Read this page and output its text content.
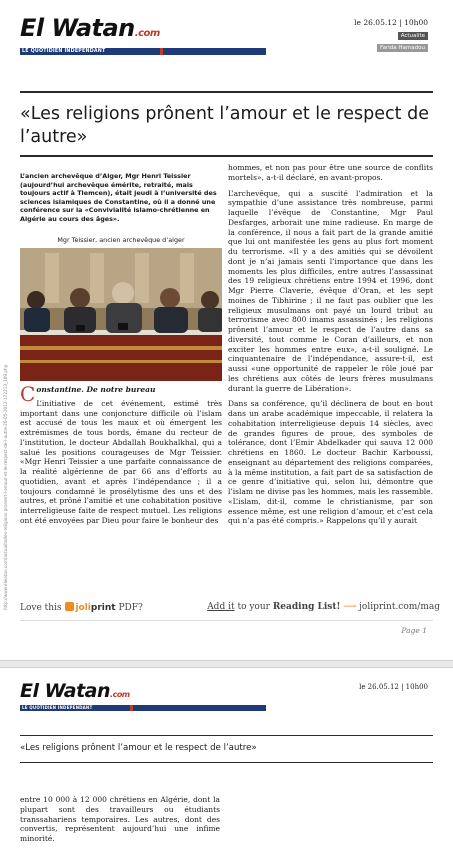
El Watan.com
LE QUOTIDIEN INDEPENDANT
le 26.05.12 | 10h00
Actualite
Farida Hamadou
«Les religions prônent l’amour et le respect de l’autre»
http://www.elwatan.com/actualite/les-religions-pronent-l-amour-et-le-respect-de-l-autre-26-05-2012-172213_109.php
L’ancien archevêque d’Alger, Mgr Henri Teissier (aujourd’hui archevêque émérite, retraité, mais toujours actif à Tlemcen), était jeudi à l’université des sciences islamiques de Constantine, où il a donné une conférence sur la «Convivialité islamo-chrétienne en Algérie au cours des âges».
Mgr Teissier, ancien archevêque d’alger

Constantine. De notre bureau

L’initiative de cet événement, estimé très important dans une conjoncture difficile où l’islam est accusé de tous les maux et où émergent les extrémismes de tous bords, émane du recteur de l’institution, le docteur Abdallah Boukhalkhal, qui a salué les positions courageuses de Mgr Teissier. «Mgr Henri Teissier a une parfaite connaissance de la réalité algérienne de par 66 ans d’efforts au quotidien, avant et après l’indépendance ; il a toujours condamné le prosélytisme des uns et des autres, et prôné l’amitié et une cohabitation positive interreligieuse faite de respect mutuel. Les religions ont été envoyées par Dieu pour faire le bonheur des

hommes, et non pas pour être une source de conflits mortels», a-t-il déclaré, en avant-propos.

L’archevêque, qui a suscité l’admiration et la sympathie d’une assistance très nombreuse, parmi laquelle l’évêque de Constantine, Mgr Paul Desfarges, arborait une mine radieuse. En marge de la conférence, il nous a fait part de la grande amitié que lui ont manifestée les gens au plus fort moment du terrorisme. «Il y a des amitiés qui se dévoilent dont je n’ai jamais senti l’importance que dans les moments les plus difficiles, entre autres l’assassinat des 19 religieux chrétiens entre 1994 et 1996, dont Mgr Pierre Claverie, évêque d’Oran, et les sept moines de Tibhirine ; il ne faut pas oublier que les religieux musulmans ont payé un lourd tribut au terrorisme avec 800 imams assassinés ; les religions prônent l’amour et le respect de l’autre dans sa diversité, tout comme le Coran d’ailleurs, et non exciter les hommes entre eux», a-t-il souligné. Le cinquantenaire de l’indépendance, assure-t-il, est aussi «une opportunité de rappeler le rôle joué par les chrétiens aux côtés de leurs frères musulmans durant la guerre de Libération».

Dans sa conférence, qu’il déclinera de bout en bout dans un arabe académique impeccable, il relatera la cohabitation interreligieuse depuis 14 siècles, avec de grandes figures de proue, des symboles de tolérance, dont l’Emir Abdelkader qui sauva 12 000 chrétiens en 1860. Le docteur Bachir Karboussi, enseignant au département des religions comparées, à la même institution, a fait part de sa satisfaction de ce genre d’initiative qui, selon lui, démontre que l’islam ne divise pas les hommes, mais les rassemble. «L’islam, dit-il, comme le christianisme, par son essence même, est une religion d’amour, et c’est cela qui n’a pas été compris.» Rappelons qu’il y aurait

Love this joliprint PDF?	Add it to your Reading List! ⟶ joliprint.com/mag
Page 1
El Watan.com
LE QUOTIDIEN INDEPENDANT
le 26.05.12 | 10h00
«Les religions prônent l’amour et le respect de l’autre»
entre 10 000 à 12 000 chrétiens en Algérie, dont la plupart sont des travailleurs ou étudiants transsahariens temporaires. Les autres, dont des convertis, représentent aujourd’hui une infime minorité.
